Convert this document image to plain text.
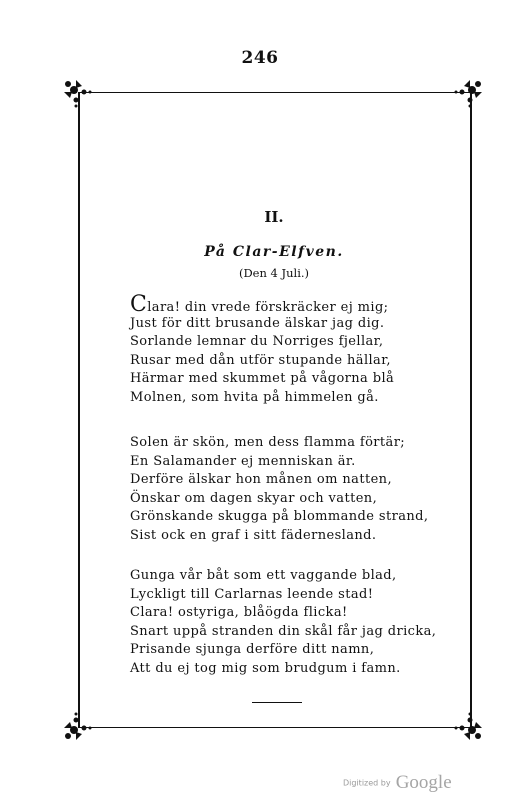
246
II.
På Clar-Elfven.
(Den 4 Juli.)
Clara! din vrede förskräcker ej mig;
Just för ditt brusande älskar jag dig.
Sorlande lemnar du Norriges fjellar,
Rusar med dån utför stupande hällar,
Härmar med skummet på vågorna blå
Molnen, som hvita på himmelen gå.
Solen är skön, men dess flamma förtär;
En Salamander ej menniskan är.
Derföre älskar hon månen om natten,
Önskar om dagen skyar och vatten,
Grönskande skugga på blommande strand,
Sist ock en graf i sitt fädernesland.
Gunga vår båt som ett vaggande blad,
Lyckligt till Carlarnas leende stad!
Clara! ostyriga, blåögda flicka!
Snart uppå stranden din skål får jag dricka,
Prisande sjunga derföre ditt namn,
Att du ej tog mig som brudgum i famn.
Digitized by Google
